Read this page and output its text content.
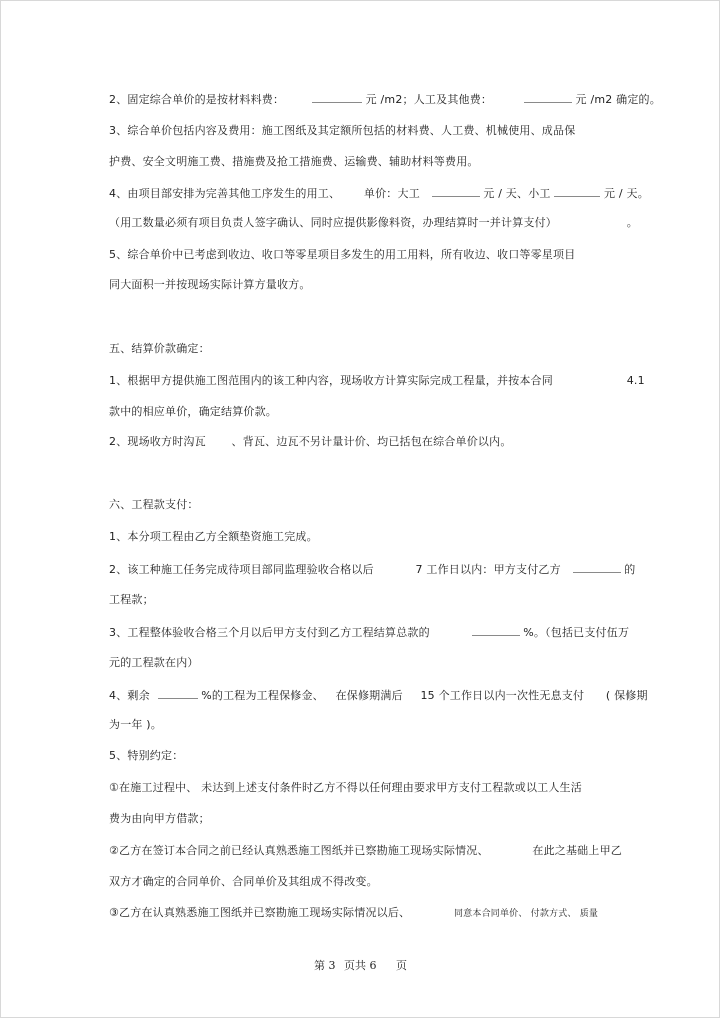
2、固定综合单价的是按材料料费：	元 /m2；人工及其他费：	元 /m2 确定的。
3、综合单价包括内容及费用：施工图纸及其定额所包括的材料费、人工费、机械使用、成品保
护费、安全文明施工费、措施费及抢工措施费、运输费、辅助材料等费用。
4、由项目部安排为完善其他工序发生的用工、 单价：大工	元 / 天、小工	元 / 天。
（用工数量必须有项目负责人签字确认、同时应提供影像料资，办理结算时一并计算支付）	。
5、综合单价中已考虑到收边、收口等零星项目多发生的用工用料，所有收边、收口等零星项目
同大面积一并按现场实际计算方量收方。
五、结算价款确定：
1、根据甲方提供施工图范围内的该工种内容，现场收方计算实际完成工程量，并按本合同	4.1
款中的相应单价，确定结算价款。
2、现场收方时沟瓦 、背瓦、边瓦不另计量计价、均已括包在综合单价以内。
六、工程款支付：
1、本分项工程由乙方全额垫资施工完成。
2、该工种施工任务完成待项目部同监理验收合格以后	7 工作日以内：甲方支付乙方	的
工程款；
3、工程整体验收合格三个月以后甲方支付到乙方工程结算总款的	%。（包括已支付伍万
元的工程款在内）
4、剩余	%的工程为工程保修金、 在保修期满后 15 个工作日以内一次性无息支付 ( 保修期
为一年 )。
5、特别约定：
①在施工过程中、 未达到上述支付条件时乙方不得以任何理由要求甲方支付工程款或以工人生活
费为由向甲方借款；
②乙方在签订本合同之前已经认真熟悉施工图纸并已察勘施工现场实际情况、	在此之基础上甲乙
双方才确定的合同单价、合同单价及其组成不得改变。
③乙方在认真熟悉施工图纸并已察勘施工现场实际情况以后、	同意本合同单价、 付款方式、 质量
第 3 页共 6 页
